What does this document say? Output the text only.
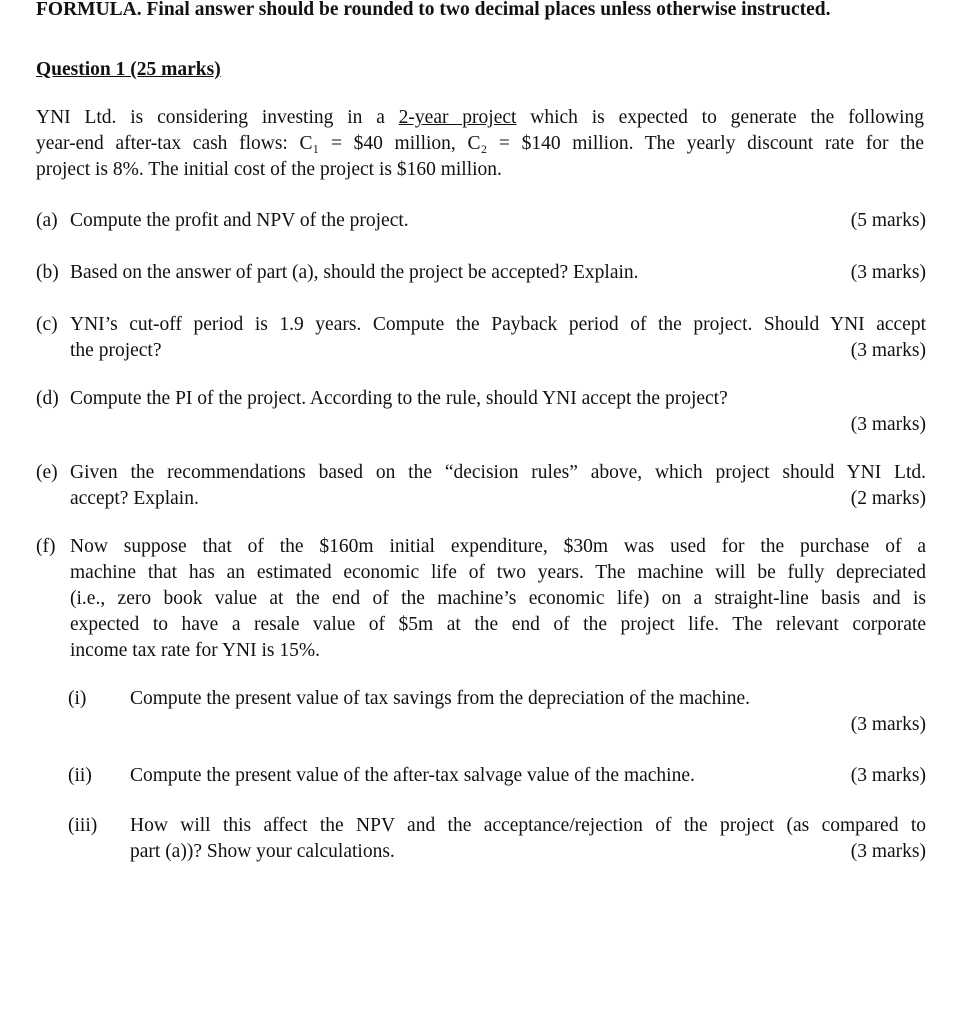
FORMULA. Final answer should be rounded to two decimal places unless otherwise instructed.
Question 1 (25 marks)
YNI Ltd. is considering investing in a 2-year project which is expected to generate the following
year-end after-tax cash flows: C₁ = $40 million, C₂ = $140 million. The yearly discount rate for the
project is 8%. The initial cost of the project is $160 million.
(a) Compute the profit and NPV of the project.	(5 marks)
(b) Based on the answer of part (a), should the project be accepted? Explain.	(3 marks)
(c) YNI’s cut-off period is 1.9 years. Compute the Payback period of the project. Should YNI accept
the project?	(3 marks)
(d) Compute the PI of the project. According to the rule, should YNI accept the project?
(3 marks)
(e) Given the recommendations based on the “decision rules” above, which project should YNI Ltd.
accept? Explain.	(2 marks)
(f) Now suppose that of the $160m initial expenditure, $30m was used for the purchase of a
machine that has an estimated economic life of two years. The machine will be fully depreciated
(i.e., zero book value at the end of the machine’s economic life) on a straight-line basis and is
expected to have a resale value of $5m at the end of the project life. The relevant corporate
income tax rate for YNI is 15%.
(i) Compute the present value of tax savings from the depreciation of the machine.
(3 marks)
(ii) Compute the present value of the after-tax salvage value of the machine.	(3 marks)
(iii) How will this affect the NPV and the acceptance/rejection of the project (as compared to
part (a))? Show your calculations.	(3 marks)
